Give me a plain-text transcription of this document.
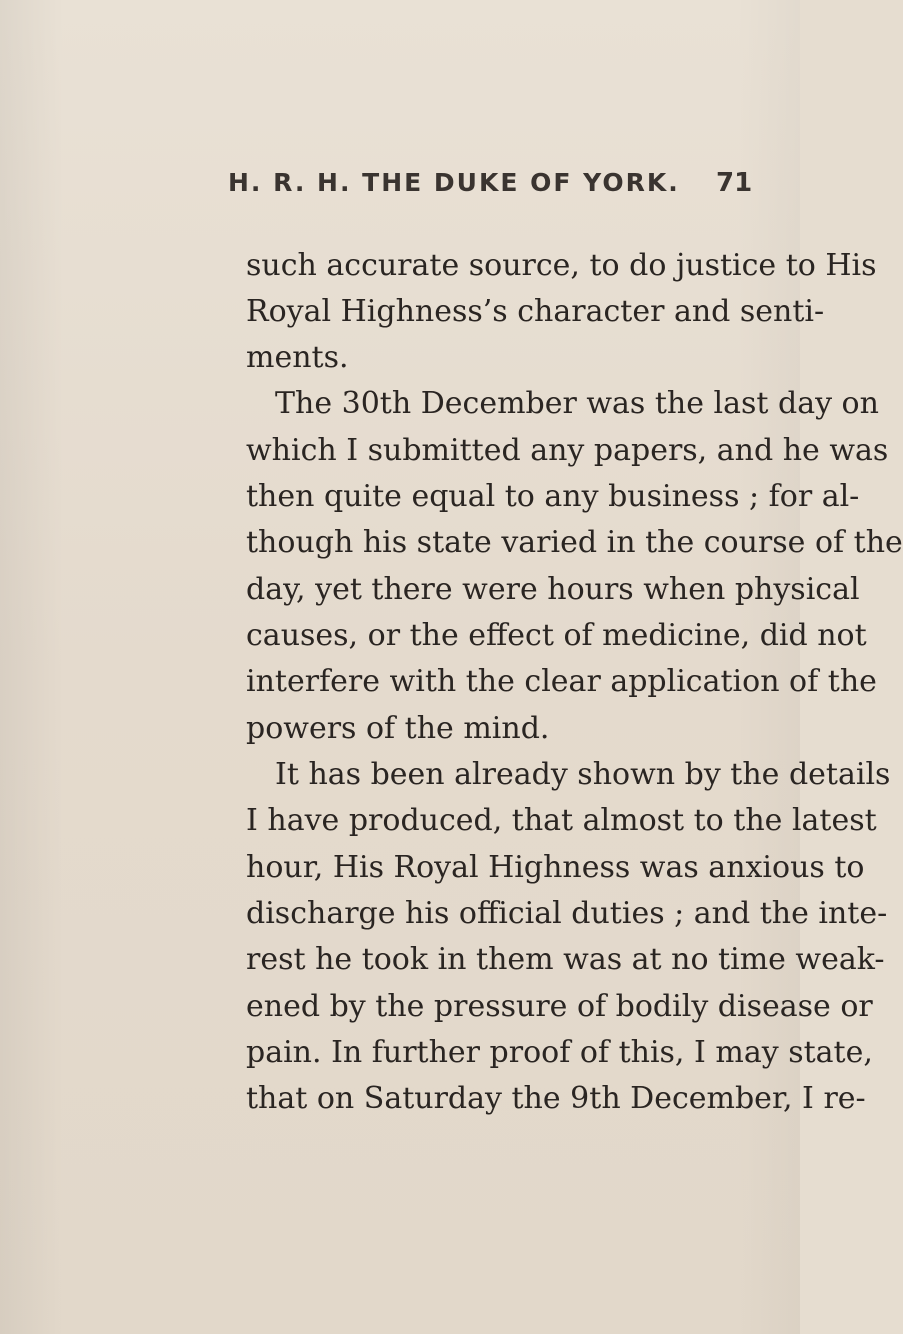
H. R. H. THE DUKE OF YORK. 71
such accurate source, to do justice to His
Royal Highness’s character and senti-
ments.
The 30th December was the last day on
which I submitted any papers, and he was
then quite equal to any business ; for al-
though his state varied in the course of the
day, yet there were hours when physical
causes, or the effect of medicine, did not
interfere with the clear application of the
powers of the mind.
It has been already shown by the details
I have produced, that almost to the latest
hour, His Royal Highness was anxious to
discharge his official duties ; and the inte-
rest he took in them was at no time weak-
ened by the pressure of bodily disease or
pain. In further proof of this, I may state,
that on Saturday the 9th December, I re-
